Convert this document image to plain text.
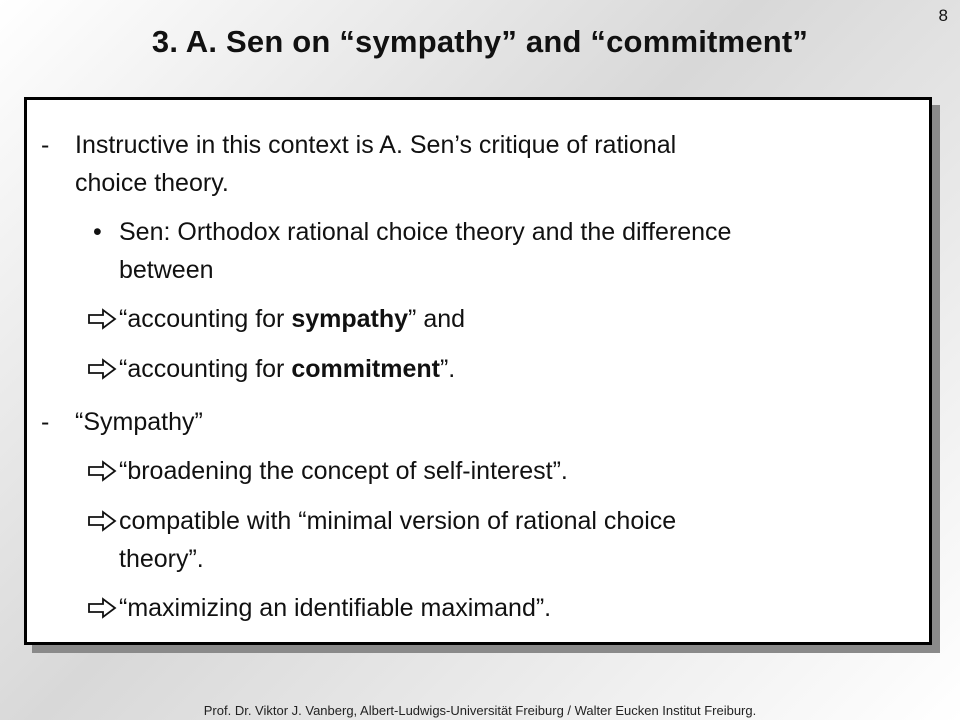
8
3. A. Sen on “sympathy” and “commitment”
- Instructive in this context is A. Sen’s critique of rational
choice theory.
• Sen: Orthodox rational choice theory and the difference
between
“accounting for sympathy” and
“accounting for commitment”.
- “Sympathy”
“broadening the concept of self-interest”.
compatible with “minimal version of rational choice
theory”.
“maximizing an identifiable maximand”.
Prof. Dr. Viktor J. Vanberg, Albert-Ludwigs-Universität Freiburg / Walter Eucken Institut Freiburg.
